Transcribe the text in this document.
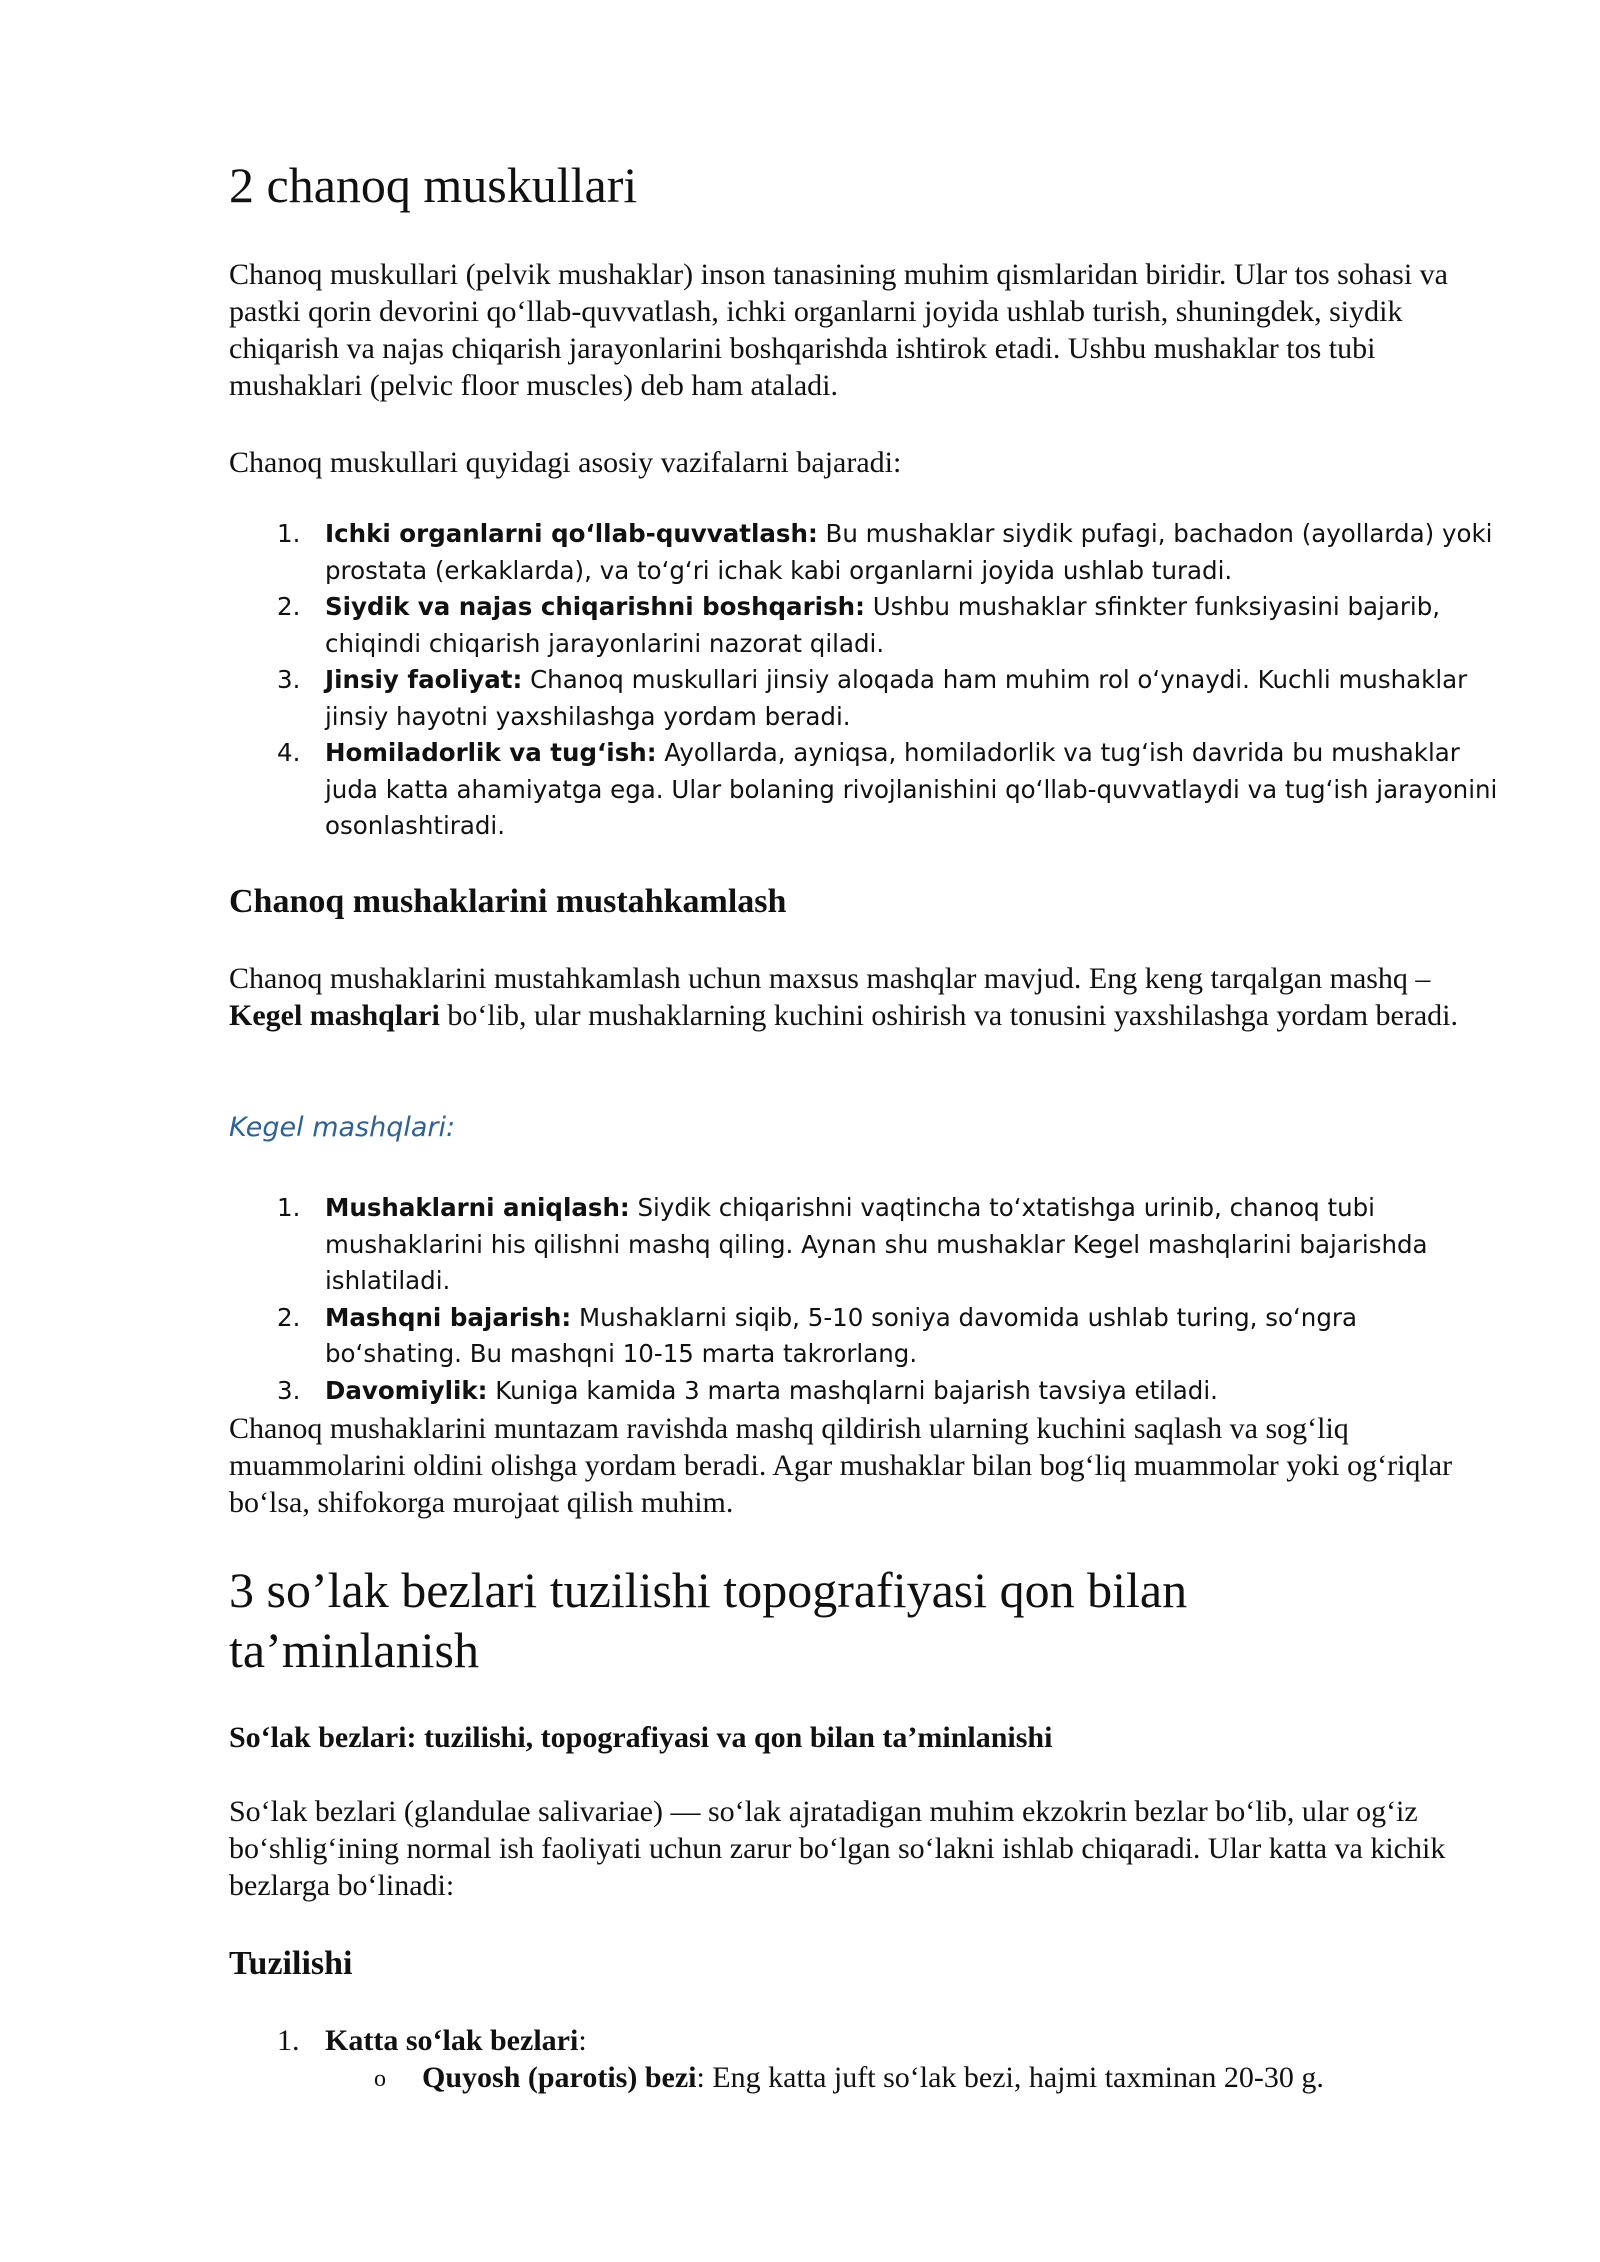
2 chanoq muskullari

Chanoq muskullari (pelvik mushaklar) inson tanasining muhim qismlaridan biridir. Ular tos sohasi va pastki qorin devorini qo‘llab-quvvatlash, ichki organlarni joyida ushlab turish, shuningdek, siydik chiqarish va najas chiqarish jarayonlarini boshqarishda ishtirok etadi. Ushbu mushaklar tos tubi mushaklari (pelvic floor muscles) deb ham ataladi.

Chanoq muskullari quyidagi asosiy vazifalarni bajaradi:

1. Ichki organlarni qo‘llab-quvvatlash: Bu mushaklar siydik pufagi, bachadon (ayollarda) yoki prostata (erkaklarda), va to‘g‘ri ichak kabi organlarni joyida ushlab turadi.
2. Siydik va najas chiqarishni boshqarish: Ushbu mushaklar sfinkter funksiyasini bajarib, chiqindi chiqarish jarayonlarini nazorat qiladi.
3. Jinsiy faoliyat: Chanoq muskullari jinsiy aloqada ham muhim rol o‘ynaydi. Kuchli mushaklar jinsiy hayotni yaxshilashga yordam beradi.
4. Homiladorlik va tug‘ish: Ayollarda, ayniqsa, homiladorlik va tug‘ish davrida bu mushaklar juda katta ahamiyatga ega. Ular bolaning rivojlanishini qo‘llab-quvvatlaydi va tug‘ish jarayonini osonlashtiradi.
Chanoq mushaklarini mustahkamlash

Chanoq mushaklarini mustahkamlash uchun maxsus mashqlar mavjud. Eng keng tarqalgan mashq – Kegel mashqlari bo‘lib, ular mushaklarning kuchini oshirish va tonusini yaxshilashga yordam beradi.

Kegel mashqlari:

1. Mushaklarni aniqlash: Siydik chiqarishni vaqtincha to‘xtatishga urinib, chanoq tubi mushaklarini his qilishni mashq qiling. Aynan shu mushaklar Kegel mashqlarini bajarishda ishlatiladi.
2. Mashqni bajarish: Mushaklarni siqib, 5-10 soniya davomida ushlab turing, so‘ngra bo‘shating. Bu mashqni 10-15 marta takrorlang.
3. Davomiylik: Kuniga kamida 3 marta mashqlarni bajarish tavsiya etiladi.

Chanoq mushaklarini muntazam ravishda mashq qildirish ularning kuchini saqlash va sog‘liq muammolarini oldini olishga yordam beradi. Agar mushaklar bilan bog‘liq muammolar yoki og‘riqlar bo‘lsa, shifokorga murojaat qilish muhim.

3 so’lak bezlari tuzilishi topografiyasi qon bilan ta’minlanish
So‘lak bezlari: tuzilishi, topografiyasi va qon bilan ta’minlanishi

So‘lak bezlari (glandulae salivariae) — so‘lak ajratadigan muhim ekzokrin bezlar bo‘lib, ular og‘iz bo‘shlig‘ining normal ish faoliyati uchun zarur bo‘lgan so‘lakni ishlab chiqaradi. Ular katta va kichik bezlarga bo‘linadi:

Tuzilishi
1. Katta so‘lak bezlari:
o Quyosh (parotis) bezi: Eng katta juft so‘lak bezi, hajmi taxminan 20-30 g.
